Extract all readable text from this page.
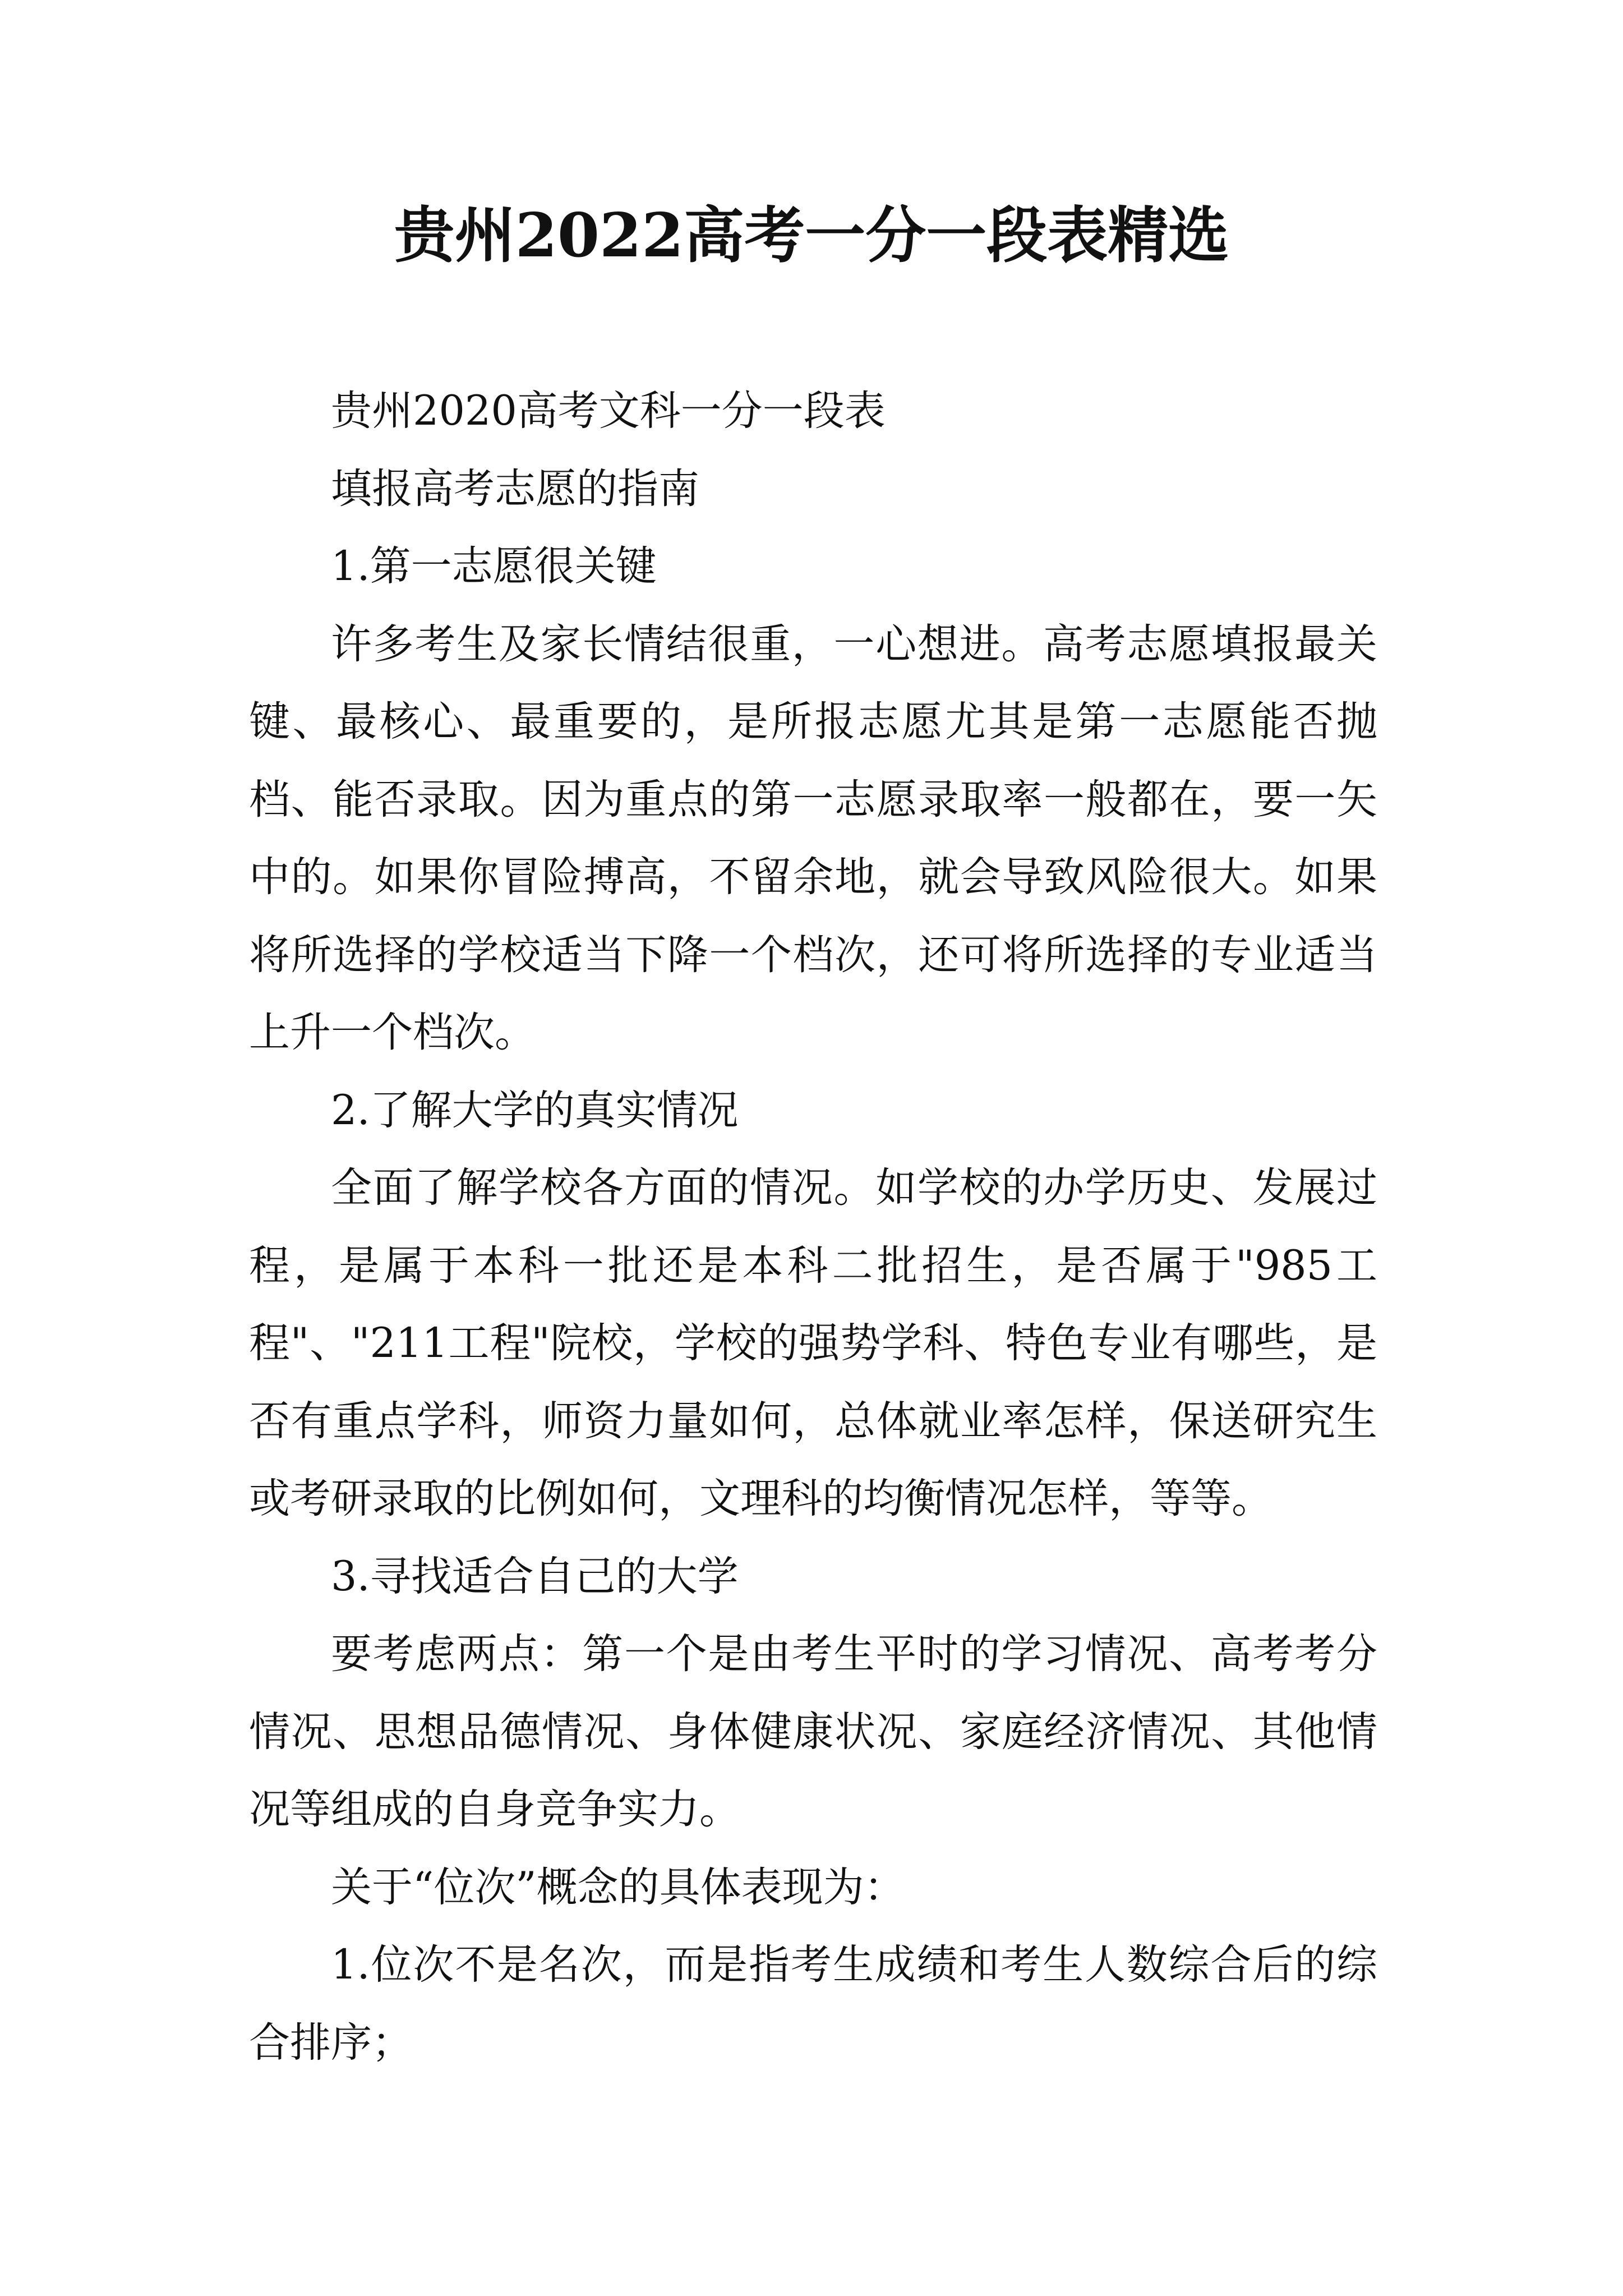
贵州2022高考一分一段表精选

贵州2020高考文科一分一段表

填报高考志愿的指南

1.第一志愿很关键

许多考生及家长情结很重，一心想进。高考志愿填报最关键、最核心、最重要的，是所报志愿尤其是第一志愿能否抛档、能否录取。因为重点的第一志愿录取率一般都在，要一矢中的。如果你冒险搏高，不留余地，就会导致风险很大。如果将所选择的学校适当下降一个档次，还可将所选择的专业适当上升一个档次。

2.了解大学的真实情况

全面了解学校各方面的情况。如学校的办学历史、发展过程，是属于本科一批还是本科二批招生，是否属于"985工程"、"211工程"院校，学校的强势学科、特色专业有哪些，是否有重点学科，师资力量如何，总体就业率怎样，保送研究生或考研录取的比例如何，文理科的均衡情况怎样，等等。

3.寻找适合自己的大学

要考虑两点：第一个是由考生平时的学习情况、高考考分情况、思想品德情况、身体健康状况、家庭经济情况、其他情况等组成的自身竞争实力。

关于“位次”概念的具体表现为：

1.位次不是名次，而是指考生成绩和考生人数综合后的综合排序；
